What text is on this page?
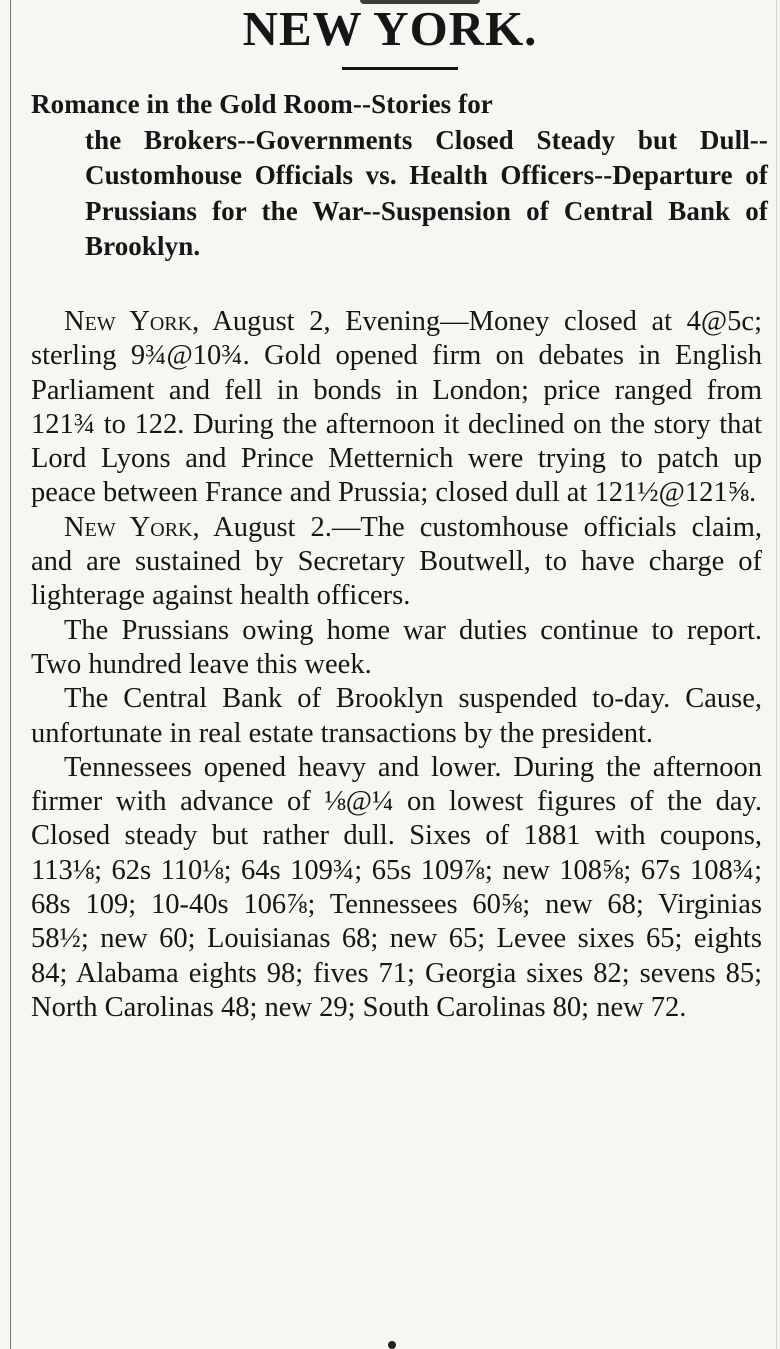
NEW YORK.
Romance in the Gold Room--Stories for
the Brokers--Governments Closed Steady but Dull--Customhouse Officials vs. Health Officers--Departure of Prussians for the War--Suspension of Central Bank of Brooklyn.

New York, August 2, Evening—Money closed at 4@5c; sterling 9¾@10¾. Gold opened firm on debates in English Parliament and fell in bonds in London; price ranged from 121¾ to 122. During the afternoon it declined on the story that Lord Lyons and Prince Metternich were trying to patch up peace between France and Prussia; closed dull at 121½@121⅝.

New York, August 2.—The customhouse officials claim, and are sustained by Secretary Boutwell, to have charge of lighterage against health officers.

The Prussians owing home war duties continue to report. Two hundred leave this week.

The Central Bank of Brooklyn suspended to-day. Cause, unfortunate in real estate transactions by the president.

Tennessees opened heavy and lower. During the afternoon firmer with advance of ⅛@¼ on lowest figures of the day. Closed steady but rather dull. Sixes of 1881 with coupons, 113⅛; 62s 110⅛; 64s 109¾; 65s 109⅞; new 108⅝; 67s 108¾; 68s 109; 10-40s 106⅞; Tennessees 60⅝; new 68; Virginias 58½; new 60; Louisianas 68; new 65; Levee sixes 65; eights 84; Alabama eights 98; fives 71; Georgia sixes 82; sevens 85; North Carolinas 48; new 29; South Carolinas 80; new 72.
